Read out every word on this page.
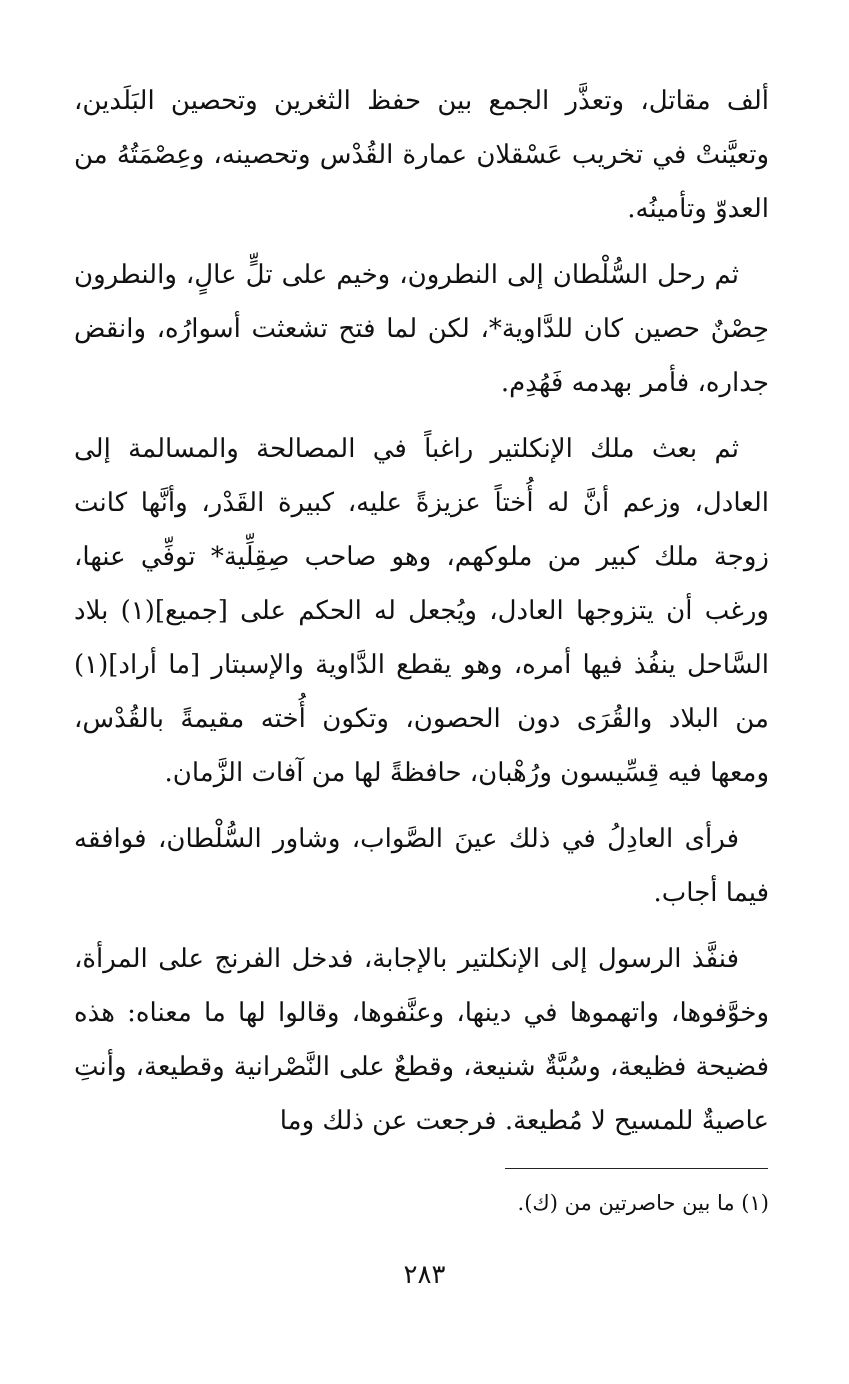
ألف مقاتل، وتعذَّر الجمع بين حفظ الثغرين وتحصين البَلَدين، وتعيَّنتْ في تخريب عَسْقلان عمارة القُدْس وتحصينه، وعِصْمَتُهُ من العدوّ وتأمينُه.

ثم رحل السُّلْطان إلى النطرون، وخيم على تلٍّ عالٍ، والنطرون حِصْنٌ حصين كان للدَّاوية*، لكن لما فتح تشعثت أسوارُه، وانقض جداره، فأمر بهدمه فَهُدِم.

ثم بعث ملك الإنكلتير راغباً في المصالحة والمسالمة إلى العادل، وزعم أنَّ له أُختاً عزيزةً عليه، كبيرة القَدْر، وأنَّها كانت زوجة ملك كبير من ملوكهم، وهو صاحب صِقِلِّية* توفِّي عنها، ورغب أن يتزوجها العادل، ويُجعل له الحكم على [جميع](١) بلاد السَّاحل ينفُذ فيها أمره، وهو يقطع الدَّاوية والإسبتار [ما أراد](١) من البلاد والقُرَى دون الحصون، وتكون أُخته مقيمةً بالقُدْس، ومعها فيه قِسِّيسون ورُهْبان، حافظةً لها من آفات الزَّمان.

فرأى العادِلُ في ذلك عينَ الصَّواب، وشاور السُّلْطان، فوافقه فيما أجاب.

فنفَّذ الرسول إلى الإنكلتير بالإجابة، فدخل الفرنج على المرأة، وخوَّفوها، واتهموها في دينها، وعنَّفوها، وقالوا لها ما معناه: هذه فضيحة فظيعة، وسُبَّةٌ شنيعة، وقطعٌ على النَّصْرانية وقطيعة، وأنتِ عاصيةٌ للمسيح لا مُطيعة. فرجعت عن ذلك وما

(١) ما بين حاصرتين من (ك).
٢٨٣
